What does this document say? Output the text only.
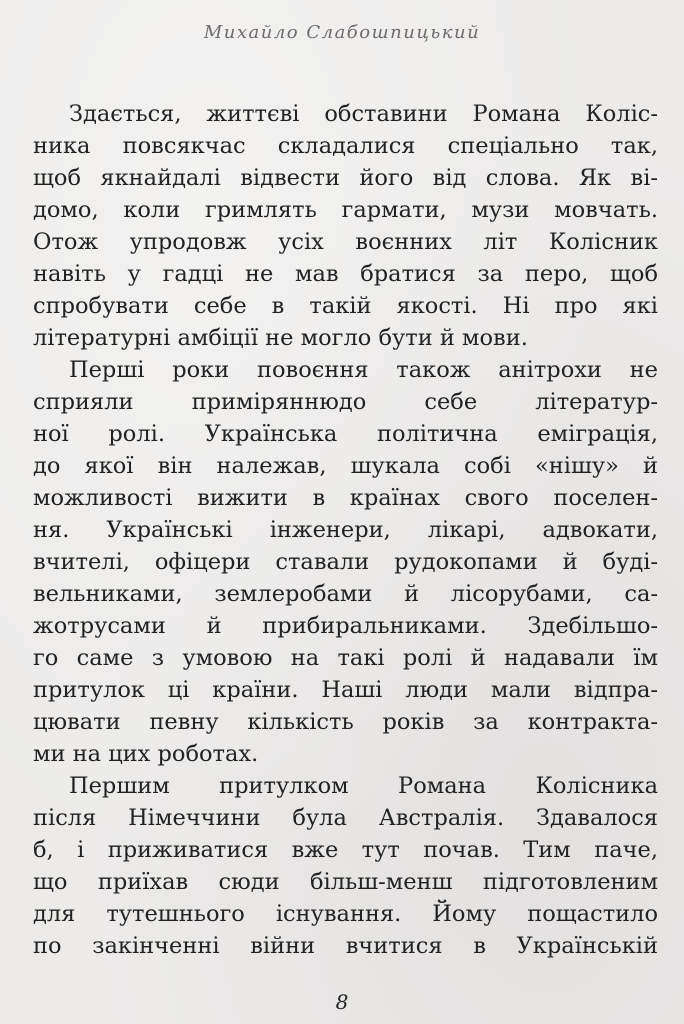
Михайло Слабошпицький
Здається, життєві обставини Романа Коліс-
ника повсякчас складалися спеціально так,
щоб якнайдалі відвести його від слова. Як ві-
домо, коли гримлять гармати, музи мовчать.
Отож упродовж усіх воєнних літ Колісник
навіть у гадці не мав братися за перо, щоб
спробувати себе в такій якості. Ні про які
літературні амбіції не могло бути й мови.
Перші роки повоєння також анітрохи не
сприяли приміряннюдо себе літератур-
ної ролі. Українська політична еміграція,
до якої він належав, шукала собі «нішу» й
можливості вижити в країнах свого поселен-
ня. Українські інженери, лікарі, адвокати,
вчителі, офіцери ставали рудокопами й буді-
вельниками, землеробами й лісорубами, са-
жотрусами й прибиральниками. Здебільшо-
го саме з умовою на такі ролі й надавали їм
притулок ці країни. Наші люди мали відпра-
цювати певну кількість років за контракта-
ми на цих роботах.
Першим притулком Романа Колісника
після Німеччини була Австралія. Здавалося
б, і приживатися вже тут почав. Тим паче,
що приїхав сюди більш-менш підготовленим
для тутешнього існування. Йому пощастило
по закінченні війни вчитися в Українській
8
